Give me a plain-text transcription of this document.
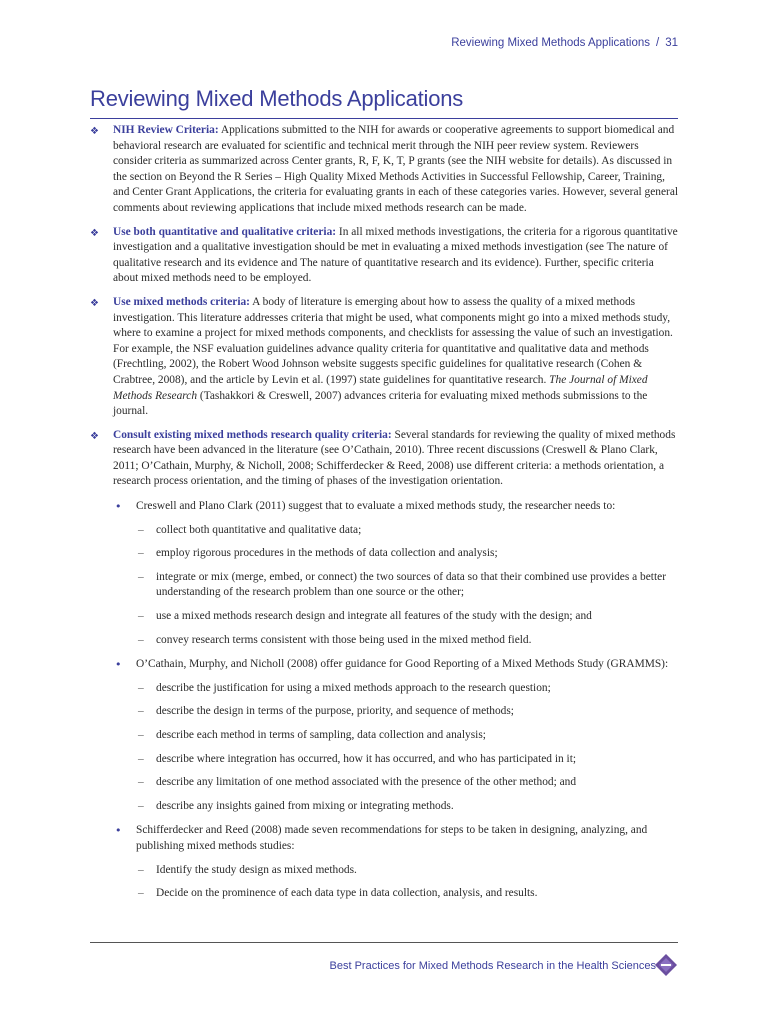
Reviewing Mixed Methods Applications / 31
Reviewing Mixed Methods Applications
❖ NIH Review Criteria: Applications submitted to the NIH for awards or cooperative agreements to support biomedical and behavioral research are evaluated for scientific and technical merit through the NIH peer review system. Reviewers consider criteria as summarized across Center grants, R, F, K, T, P grants (see the NIH website for details). As discussed in the section on Beyond the R Series – High Quality Mixed Methods Activities in Successful Fellowship, Career, Training, and Center Grant Applications, the criteria for evaluating grants in each of these categories varies. However, several general comments about reviewing applications that include mixed methods research can be made.
❖ Use both quantitative and qualitative criteria: In all mixed methods investigations, the criteria for a rigorous quantitative investigation and a qualitative investigation should be met in evaluating a mixed methods investigation (see The nature of qualitative research and its evidence and The nature of quantitative research and its evidence). Further, specific criteria about mixed methods need to be employed.
❖ Use mixed methods criteria: A body of literature is emerging about how to assess the quality of a mixed methods investigation. This literature addresses criteria that might be used, what components might go into a mixed methods study, where to examine a project for mixed methods components, and checklists for assessing the value of such an investigation. For example, the NSF evaluation guidelines advance quality criteria for quantitative and qualitative data and methods (Frechtling, 2002), the Robert Wood Johnson website suggests specific guidelines for qualitative research (Cohen & Crabtree, 2008), and the article by Levin et al. (1997) state guidelines for quantitative research. The Journal of Mixed Methods Research (Tashakkori & Creswell, 2007) advances criteria for evaluating mixed methods submissions to the journal.
❖ Consult existing mixed methods research quality criteria: Several standards for reviewing the quality of mixed methods research have been advanced in the literature (see O’Cathain, 2010). Three recent discussions (Creswell & Plano Clark, 2011; O’Cathain, Murphy, & Nicholl, 2008; Schifferdecker & Reed, 2008) use different criteria: a methods orientation, a research process orientation, and the timing of phases of the investigation orientation.
• Creswell and Plano Clark (2011) suggest that to evaluate a mixed methods study, the researcher needs to:
– collect both quantitative and qualitative data;
– employ rigorous procedures in the methods of data collection and analysis;
– integrate or mix (merge, embed, or connect) the two sources of data so that their combined use provides a better understanding of the research problem than one source or the other;
– use a mixed methods research design and integrate all features of the study with the design; and
– convey research terms consistent with those being used in the mixed method field.
• O’Cathain, Murphy, and Nicholl (2008) offer guidance for Good Reporting of a Mixed Methods Study (GRAMMS):
– describe the justification for using a mixed methods approach to the research question;
– describe the design in terms of the purpose, priority, and sequence of methods;
– describe each method in terms of sampling, data collection and analysis;
– describe where integration has occurred, how it has occurred, and who has participated in it;
– describe any limitation of one method associated with the presence of the other method; and
– describe any insights gained from mixing or integrating methods.
• Schifferdecker and Reed (2008) made seven recommendations for steps to be taken in designing, analyzing, and publishing mixed methods studies:
– Identify the study design as mixed methods.
– Decide on the prominence of each data type in data collection, analysis, and results.
Best Practices for Mixed Methods Research in the Health Sciences
